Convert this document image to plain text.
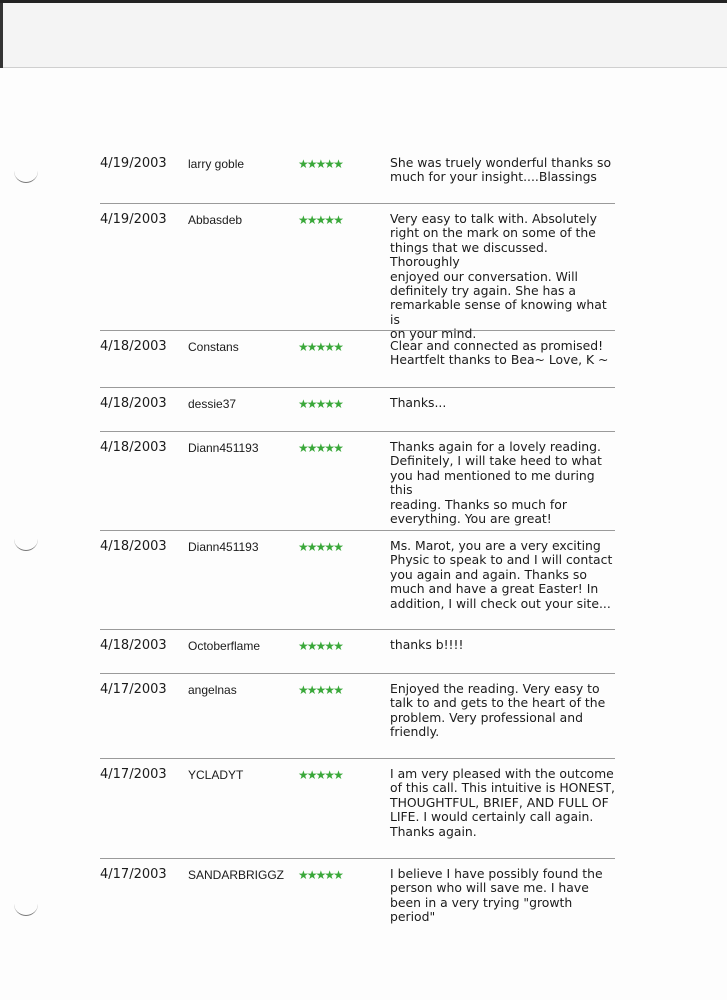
4/19/2003 larry goble	★★★★★	She was truely wonderful thanks so
much for your insight....Blassings
4/19/2003 Abbasdeb	★★★★★	Very easy to talk with. Absolutely
right on the mark on some of the
things that we discussed. Thoroughly
enjoyed our conversation. Will
definitely try again. She has a
remarkable sense of knowing what is
on your mind.
4/18/2003 Constans	★★★★★	Clear and connected as promised!
Heartfelt thanks to Bea~ Love, K ~
4/18/2003 dessie37	★★★★★	Thanks...
4/18/2003 Diann451193	★★★★★	Thanks again for a lovely reading.
Definitely, I will take heed to what
you had mentioned to me during this
reading. Thanks so much for
everything. You are great!
4/18/2003 Diann451193	★★★★★	Ms. Marot, you are a very exciting
Physic to speak to and I will contact
you again and again. Thanks so
much and have a great Easter! In
addition, I will check out your site...
4/18/2003 Octoberflame	★★★★★	thanks b!!!!
4/17/2003 angelnas	★★★★★	Enjoyed the reading. Very easy to
talk to and gets to the heart of the
problem. Very professional and
friendly.
4/17/2003 YCLADYT	★★★★★	I am very pleased with the outcome
of this call. This intuitive is HONEST,
THOUGHTFUL, BRIEF, AND FULL OF
LIFE. I would certainly call again.
Thanks again.
4/17/2003 SANDARBRIGGZ ★★★★★	I believe I have possibly found the
person who will save me. I have
been in a very trying "growth period"
